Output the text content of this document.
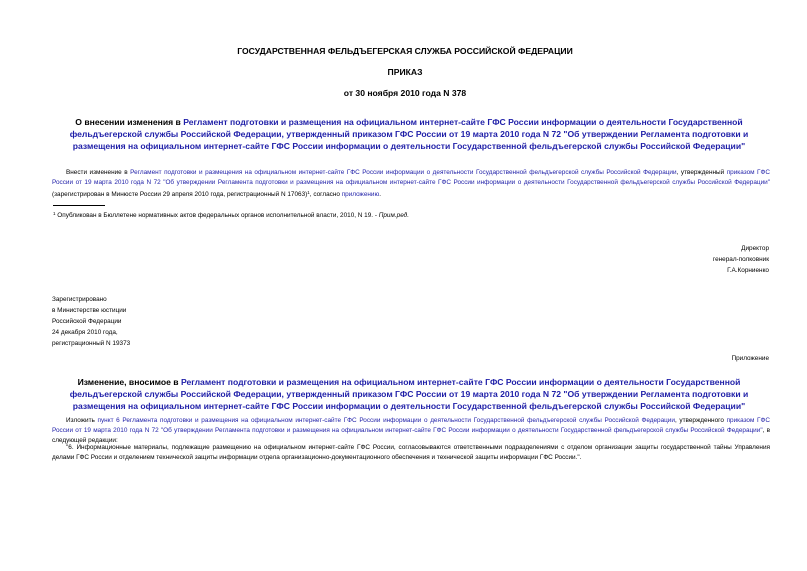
ГОСУДАРСТВЕННАЯ ФЕЛЬДЪЕГЕРСКАЯ СЛУЖБА РОССИЙСКОЙ ФЕДЕРАЦИИ
ПРИКАЗ
от 30 ноября 2010 года N 378
О внесении изменения в Регламент подготовки и размещения на официальном интернет-сайте ГФС России информации о деятельности Государственной фельдъегерской службы Российской Федерации, утвержденный приказом ГФС России от 19 марта 2010 года N 72 "Об утверждении Регламента подготовки и размещения на официальном интернет-сайте ГФС России информации о деятельности Государственной фельдъегерской службы Российской Федерации"
Внести изменение в Регламент подготовки и размещения на официальном интернет-сайте ГФС России информации о деятельности Государственной фельдъегерской службы Российской Федерации, утвержденный приказом ГФС России от 19 марта 2010 года N 72 "Об утверждении Регламента подготовки и размещения на официальном интернет-сайте ГФС России информации о деятельности Государственной фельдъегерской службы Российской Федерации" (зарегистрирован в Минюсте России 29 апреля 2010 года, регистрационный N 17063)$^1$, согласно приложению.
$^1$ Опубликован в Бюллетене нормативных актов федеральных органов исполнительной власти, 2010, N 19. - Прим.ред.
Директор
генерал-полковник
Г.А.Корниенко
Зарегистрировано
в Министерстве юстиции
Российской Федерации
24 декабря 2010 года,
регистрационный N 19373
Приложение
Изменение, вносимое в Регламент подготовки и размещения на официальном интернет-сайте ГФС России информации о деятельности Государственной фельдъегерской службы Российской Федерации, утвержденный приказом ГФС России от 19 марта 2010 года N 72 "Об утверждении Регламента подготовки и размещения на официальном интернет-сайте ГФС России информации о деятельности Государственной фельдъегерской службы Российской Федерации"
Изложить пункт 6 Регламента подготовки и размещения на официальном интернет-сайте ГФС России информации о деятельности Государственной фельдъегерской службы Российской Федерации, утвержденного приказом ГФС России от 19 марта 2010 года N 72 "Об утверждении Регламента подготовки и размещения на официальном интернет-сайте ГФС России информации о деятельности Государственной фельдъегерской службы Российской Федерации", в следующей редакции:
"6. Информационные материалы, подлежащие размещению на официальном интернет-сайте ГФС России, согласовываются ответственными подразделениями с отделом организации защиты государственной тайны Управления делами ГФС России и отделением технической защиты информации отдела организационно-документационного обеспечения и технической защиты информации ГФС России.".
